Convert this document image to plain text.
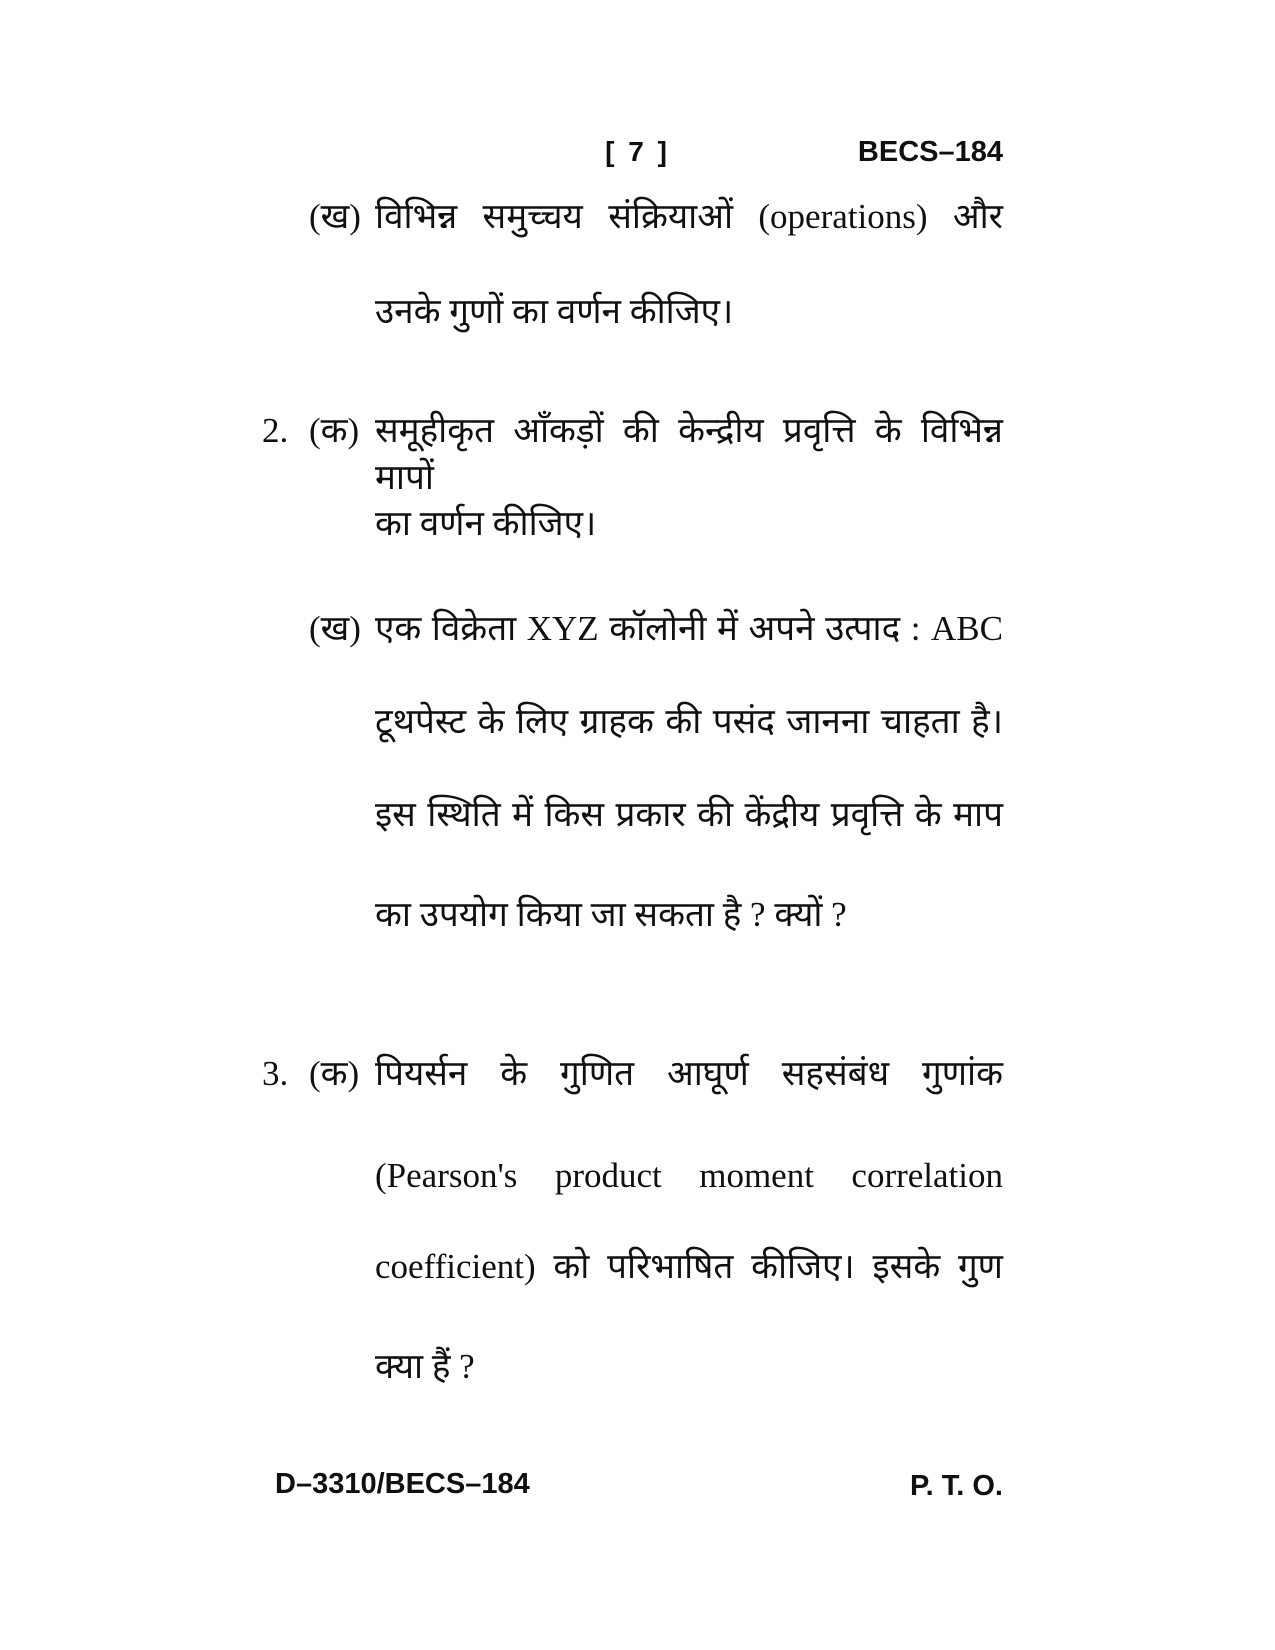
[ 7 ]	BECS–184
(ख) विभिन्न समुच्चय संक्रियाओं (operations) और
उनके गुणों का वर्णन कीजिए।
2. (क) समूहीकृत आँकड़ों की केन्द्रीय प्रवृत्ति के विभिन्न मापों
का वर्णन कीजिए।
(ख) एक विक्रेता XYZ कॉलोनी में अपने उत्पाद : ABC
टूथपेस्ट के लिए ग्राहक की पसंद जानना चाहता है।
इस स्थिति में किस प्रकार की केंद्रीय प्रवृत्ति के माप
का उपयोग किया जा सकता है ? क्यों ?
3. (क) पियर्सन के गुणित आघूर्ण सहसंबंध गुणांक
(Pearson's product moment correlation
coefficient) को परिभाषित कीजिए। इसके गुण
क्या हैं ?
D–3310/BECS–184	P. T. O.
